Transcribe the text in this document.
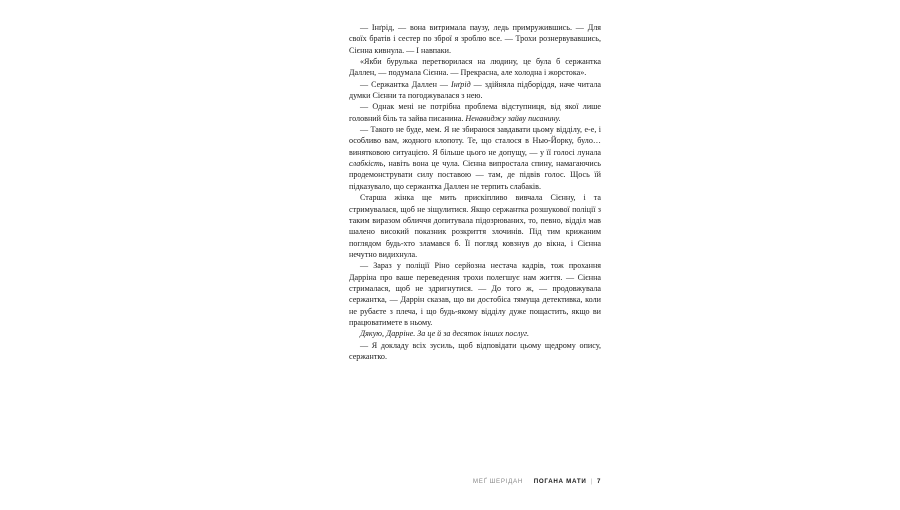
— Інґрід, — вона витримала паузу, ледь примружившись. — Для своїх братів і сестер по зброї я зроблю все. — Трохи рознервувавшись, Сієнна кивнула. — І навпаки.

«Якби бурулька перетворилася на людину, це була б сержантка Даллен, — подумала Сієнна. — Прекрасна, але холодна і жорстока».

— Сержантка Даллен — Інґрід — здійняла підборіддя, наче читала думки Сієнни та погоджувалася з нею.

— Однак мені не потрібна проблема відступниця, від якої лише головний біль та зайва писанина. Ненавиджу зайву писанину.

— Такого не буде, мем. Я не збираюся завдавати цьому відділу, е-е, і особливо вам, жодного клопоту. Те, що сталося в Нью-Йорку, було… винятковою ситуацією. Я більше цього не допущу, — у її голосі лунала слабкість, навіть вона це чула. Сієнна випростала спину, намагаючись продемонструвати силу поставою — там, де підвів голос. Щось їй підказувало, що сержантка Даллен не терпить слабаків.

Старша жінка ще мить прискіпливо вивчала Сієнну, і та стримувалася, щоб не зіщулитися. Якщо сержантка розшукової поліції з таким виразом обличчя допитувала підозрюваних, то, певно, відділ мав шалено високий показник розкриття злочинів. Під тим крижаним поглядом будь-хто зламався б. Її погляд ковзнув до вікна, і Сієнна нечутно видихнула.

— Зараз у поліції Ріно серйозна нестача кадрів, тож прохання Дарріна про ваше переведення трохи полегшує нам життя. — Сієнна стрималася, щоб не здригнутися. — До того ж, — продовжувала сержантка, — Даррін сказав, що ви достобіса тямуща детективка, коли не рубаєте з плеча, і що будь-якому відділу дуже пощастить, якщо ви працюватимете в ньому.

Дякую, Дарріне. За це й за десяток інших послуг.

— Я докладу всіх зусиль, щоб відповідати цьому щедрому опису, сержантко.

МЕҐ ШЕРІДАН ПОГАНА МАТИ | 7
